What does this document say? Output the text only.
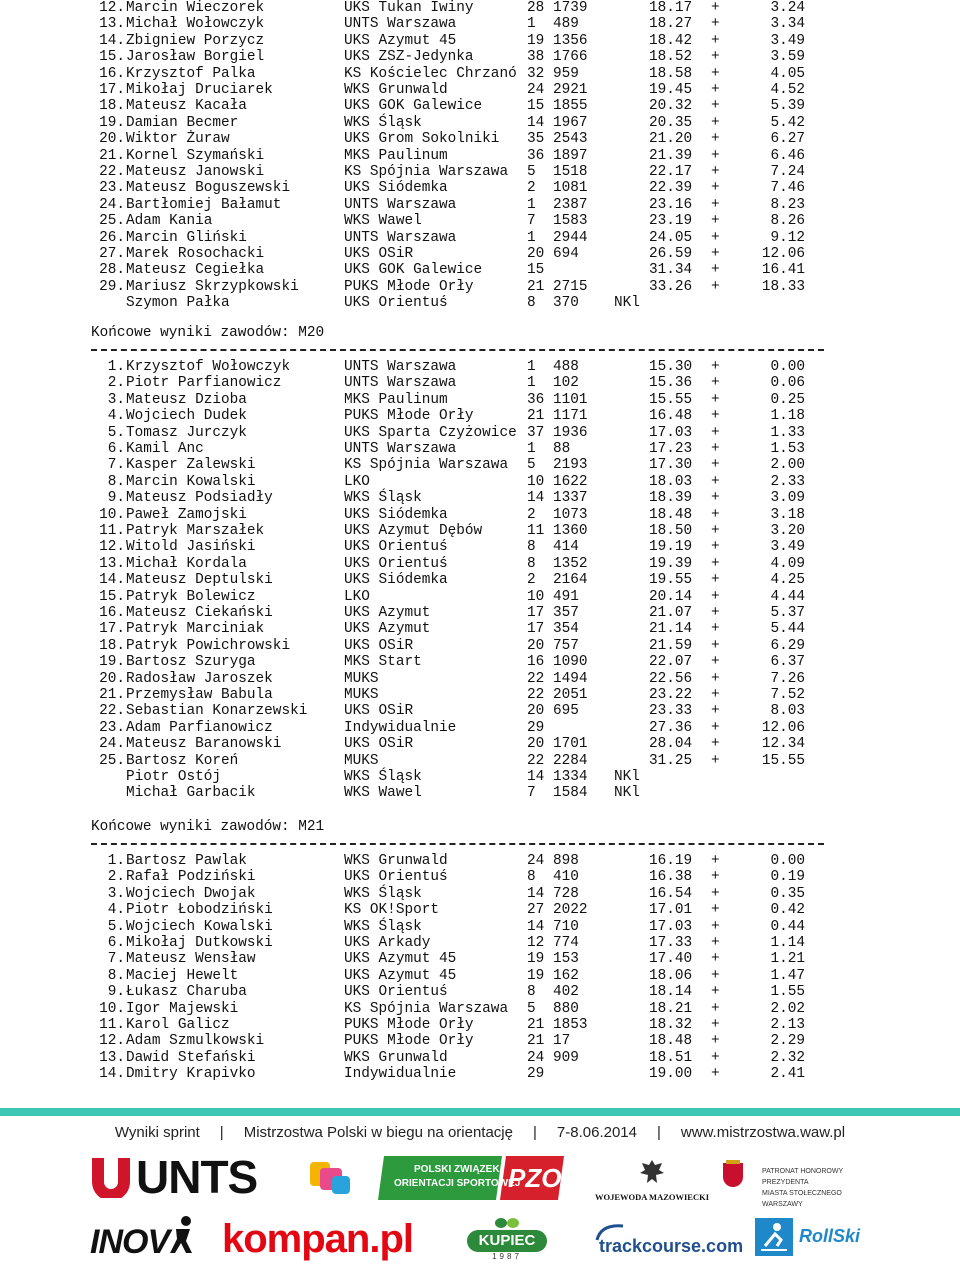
12. Marcin Wieczorek	UKS Tukan Iwiny	28 1739	18.17 +	3.24
13. Michał Wołowczyk	UNTS Warszawa	1 489	18.27 +	3.34
14. Zbigniew Porzycz	UKS Azymut 45	19 1356	18.42 +	3.49
15. Jarosław Borgiel	UKS ZSZ-Jedynka	38 1766	18.52 +	3.59
16. Krzysztof Palka	KS Kościelec Chrzanó 32 959	18.58 +	4.05
17. Mikołaj Druciarek	WKS Grunwald	24 2921	19.45 +	4.52
18. Mateusz Kacała	UKS GOK Galewice	15 1855	20.32 +	5.39
19. Damian Becmer	WKS Śląsk	14 1967	20.35 +	5.42
20. Wiktor Żuraw	UKS Grom Sokolniki 35 2543	21.20 +	6.27
21. Kornel Szymański	MKS Paulinum	36 1897	21.39 +	6.46
22. Mateusz Janowski	KS Spójnia Warszawa 5 1518	22.17 +	7.24
23. Mateusz Boguszewski	UKS Siódemka	2 1081	22.39 +	7.46
24. Bartłomiej Bałamut	UNTS Warszawa	1 2387	23.16 +	8.23
25. Adam Kania	WKS Wawel	7 1583	23.19 +	8.26
26. Marcin Gliński	UNTS Warszawa	1 2944	24.05 +	9.12
27. Marek Rosochacki	UKS OSiR	20 694	26.59 +	12.06
28. Mateusz Cegiełka	UKS GOK Galewice	15	31.34 +	16.41
29. Mariusz Skrzypkowski	PUKS Młode Orły	21 2715	33.26 +	18.33
Szymon Pałka	UKS Orientuś	8 370 NKl
Końcowe wyniki zawodów: M20
1. Krzysztof Wołowczyk	UNTS Warszawa	1 488	15.30 +	0.00
2. Piotr Parfianowicz	UNTS Warszawa	1 102	15.36 +	0.06
3. Mateusz Dzioba	MKS Paulinum	36 1101	15.55 +	0.25
4. Wojciech Dudek	PUKS Młode Orły	21 1171	16.48 +	1.18
5. Tomasz Jurczyk	UKS Sparta Czyżowice 37 1936	17.03 +	1.33
6. Kamil Anc	UNTS Warszawa	1 88	17.23 +	1.53
7. Kasper Zalewski	KS Spójnia Warszawa 5 2193	17.30 +	2.00
8. Marcin Kowalski	LKO	10 1622	18.03 +	2.33
9. Mateusz Podsiadły	WKS Śląsk	14 1337	18.39 +	3.09
10. Paweł Zamojski	UKS Siódemka	2 1073	18.48 +	3.18
11. Patryk Marszałek	UKS Azymut Dębów	11 1360	18.50 +	3.20
12. Witold Jasiński	UKS Orientuś	8 414	19.19 +	3.49
13. Michał Kordala	UKS Orientuś	8 1352	19.39 +	4.09
14. Mateusz Deptulski	UKS Siódemka	2 2164	19.55 +	4.25
15. Patryk Bolewicz	LKO	10 491	20.14 +	4.44
16. Mateusz Ciekański	UKS Azymut	17 357	21.07 +	5.37
17. Patryk Marciniak	UKS Azymut	17 354	21.14 +	5.44
18. Patryk Powichrowski	UKS OSiR	20 757	21.59 +	6.29
19. Bartosz Szuryga	MKS Start	16 1090	22.07 +	6.37
20. Radosław Jaroszek	MUKS	22 1494	22.56 +	7.26
21. Przemysław Babula	MUKS	22 2051	23.22 +	7.52
22. Sebastian Konarzewski	UKS OSiR	20 695	23.33 +	8.03
23. Adam Parfianowicz	Indywidualnie	29	27.36 +	12.06
24. Mateusz Baranowski	UKS OSiR	20 1701	28.04 +	12.34
25. Bartosz Koreń	MUKS	22 2284	31.25 +	15.55
Piotr Ostój	WKS Śląsk	14 1334 NKl
Michał Garbacik	WKS Wawel	7 1584 NKl
Końcowe wyniki zawodów: M21
1. Bartosz Pawlak	WKS Grunwald	24 898	16.19 +	0.00
2. Rafał Podziński	UKS Orientuś	8 410	16.38 +	0.19
3. Wojciech Dwojak	WKS Śląsk	14 728	16.54 +	0.35
4. Piotr Łobodziński	KS OK!Sport	27 2022	17.01 +	0.42
5. Wojciech Kowalski	WKS Śląsk	14 710	17.03 +	0.44
6. Mikołaj Dutkowski	UKS Arkady	12 774	17.33 +	1.14
7. Mateusz Wensław	UKS Azymut 45	19 153	17.40 +	1.21
8. Maciej Hewelt	UKS Azymut 45	19 162	18.06 +	1.47
9. Łukasz Charuba	UKS Orientuś	8 402	18.14 +	1.55
10. Igor Majewski	KS Spójnia Warszawa 5 880	18.21 +	2.02
11. Karol Galicz	PUKS Młode Orły	21 1853	18.32 +	2.13
12. Adam Szmulkowski	PUKS Młode Orły	21 17	18.48 +	2.29
13. Dawid Stefański	WKS Grunwald	24 909	18.51 +	2.32
14. Dmitry Krapivko	Indywidualnie	29	19.00 +	2.41
Wyniki sprint | Mistrzostwa Polski w biegu na orientację | 7-8.06.2014 | www.mistrzostwa.waw.pl
UNTS	POLSKI ZWIĄZEK
ORIENTACJI SPORTOWEJ
PZOS
WOJEWODA MAZOWIECKI
PATRONAT HONOROWY PREZYDENTA
MIASTA STOŁECZNEGO WARSZAWY
INOV kompan.pl	KUPIEC
1987
trackcourse.com	RollSki
